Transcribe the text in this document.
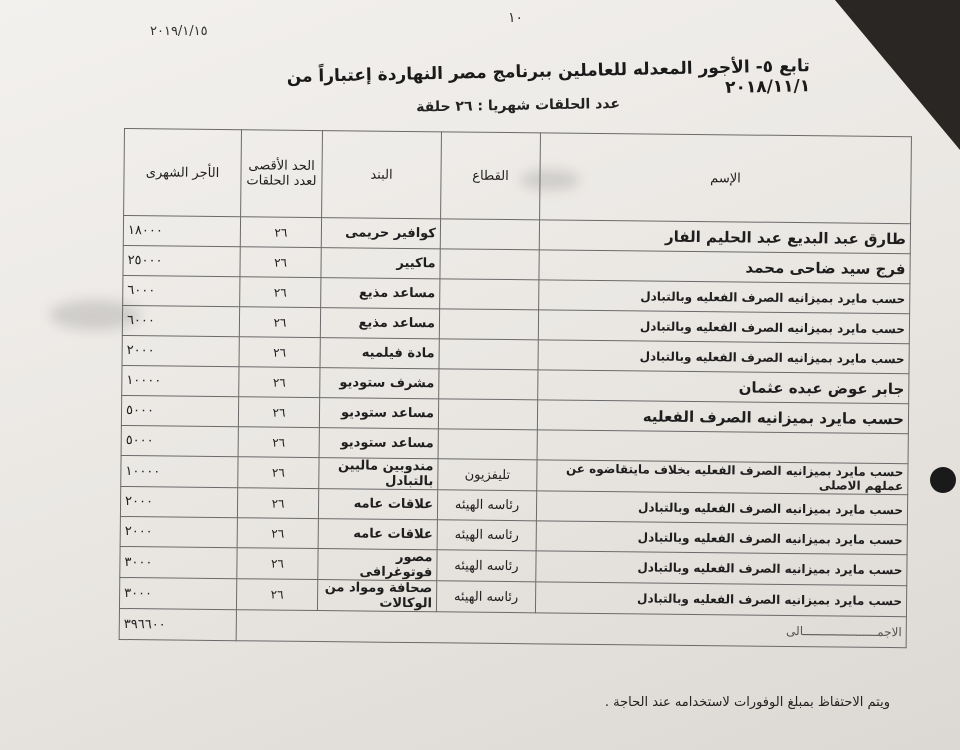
١٠
٢٠١٩/١/١٥
تابع ٥- الأجور المعدله للعاملين ببرنامج مصر النهاردة إعتباراً من ٢٠١٨/١١/١
عدد الحلقات شهريا : ٢٦ حلقة
الأجر الشهرى	الحد الأقصى لعدد الحلقات	البند	القطاع	الإسم
١٨٠٠٠	٢٦	كوافير حريمى		طارق عبد البديع عبد الحليم الفار
٢٥٠٠٠	٢٦	ماكيير		فرج سيد ضاحى محمد
٦٠٠٠	٢٦	مساعد مذيع		حسب مايرد بميزانيه الصرف الفعليه وبالتبادل
٦٠٠٠	٢٦	مساعد مذيع		حسب مايرد بميزانيه الصرف الفعليه وبالتبادل
٢٠٠٠	٢٦	مادة فيلميه		حسب مايرد بميزانيه الصرف الفعليه وبالتبادل
١٠٠٠٠	٢٦	مشرف ستوديو		جابر عوض عبده عثمان
٥٠٠٠	٢٦	مساعد ستوديو		حسب مايرد بميزانيه الصرف الفعليه
٥٠٠٠	٢٦	مساعد ستوديو		
١٠٠٠٠	٢٦	مندوبين ماليين بالتبادل	تليفزيون	حسب مايرد بميزانيه الصرف الفعليه بخلاف مايتقاضوه عن عملهم الاصلى
٢٠٠٠	٢٦	علاقات عامه	رئاسه الهيئه	حسب مايرد بميزانيه الصرف الفعليه وبالتبادل
٢٠٠٠	٢٦	علاقات عامه	رئاسه الهيئه	حسب مايرد بميزانيه الصرف الفعليه وبالتبادل
٣٠٠٠	٢٦	مصور فوتوغرافى	رئاسه الهيئه	حسب مايرد بميزانيه الصرف الفعليه وبالتبادل
٣٠٠٠	٢٦	صحافة ومواد من الوكالات	رئاسه الهيئه	حسب مايرد بميزانيه الصرف الفعليه وبالتبادل
٣٩٦٦٠٠	الاجمـــــــــــــــــــــالى			
ويتم الاحتفاظ بمبلغ الوفورات لاستخدامه عند الحاجة .
